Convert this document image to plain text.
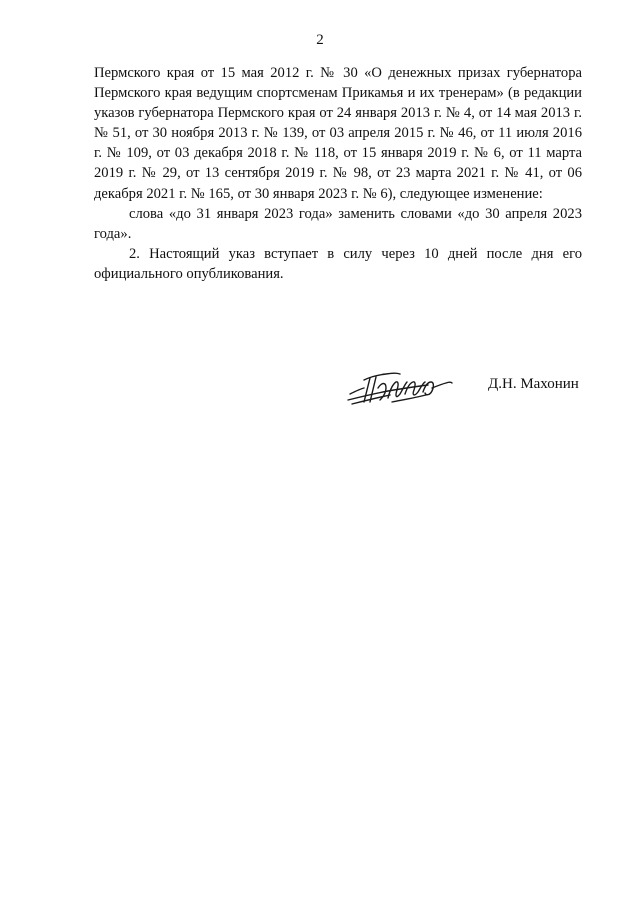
2

Пермского края от 15 мая 2012 г. № 30 «О денежных призах губернатора Пермского края ведущим спортсменам Прикамья и их тренерам» (в редакции указов губернатора Пермского края от 24 января 2013 г. № 4, от 14 мая 2013 г. № 51, от 30 ноября 2013 г. № 139, от 03 апреля 2015 г. № 46, от 11 июля 2016 г. № 109, от 03 декабря 2018 г. № 118, от 15 января 2019 г. № 6, от 11 марта 2019 г. № 29, от 13 сентября 2019 г. № 98, от 23 марта 2021 г. № 41, от 06 декабря 2021 г. № 165, от 30 января 2023 г. № 6), следующее изменение:

слова «до 31 января 2023 года» заменить словами «до 30 апреля 2023 года».

2. Настоящий указ вступает в силу через 10 дней после дня его официального опубликования.

Д.Н. Махонин
